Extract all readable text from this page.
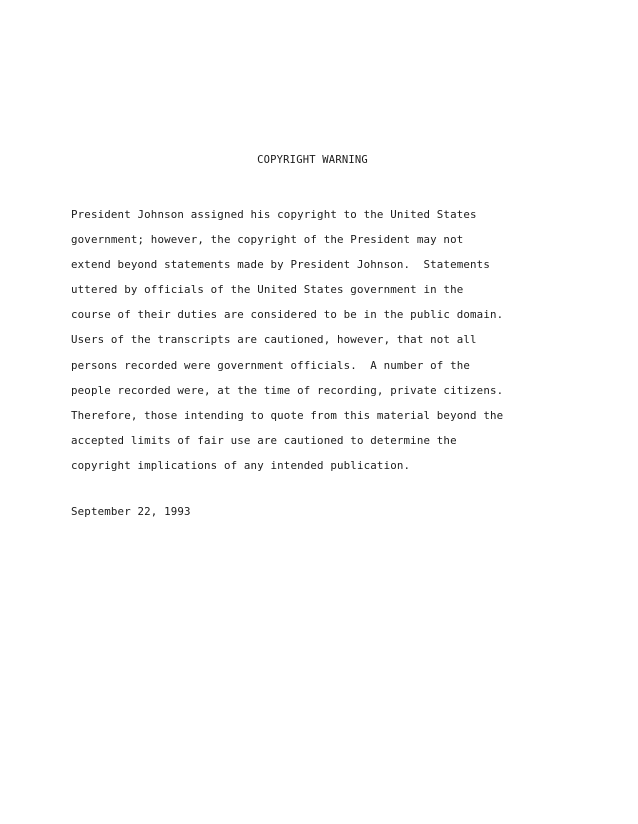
COPYRIGHT WARNING
President Johnson assigned his copyright to the United States
government; however, the copyright of the President may not
extend beyond statements made by President Johnson.  Statements
uttered by officials of the United States government in the
course of their duties are considered to be in the public domain.
Users of the transcripts are cautioned, however, that not all
persons recorded were government officials.  A number of the
people recorded were, at the time of recording, private citizens.
Therefore, those intending to quote from this material beyond the
accepted limits of fair use are cautioned to determine the
copyright implications of any intended publication.
September 22, 1993
